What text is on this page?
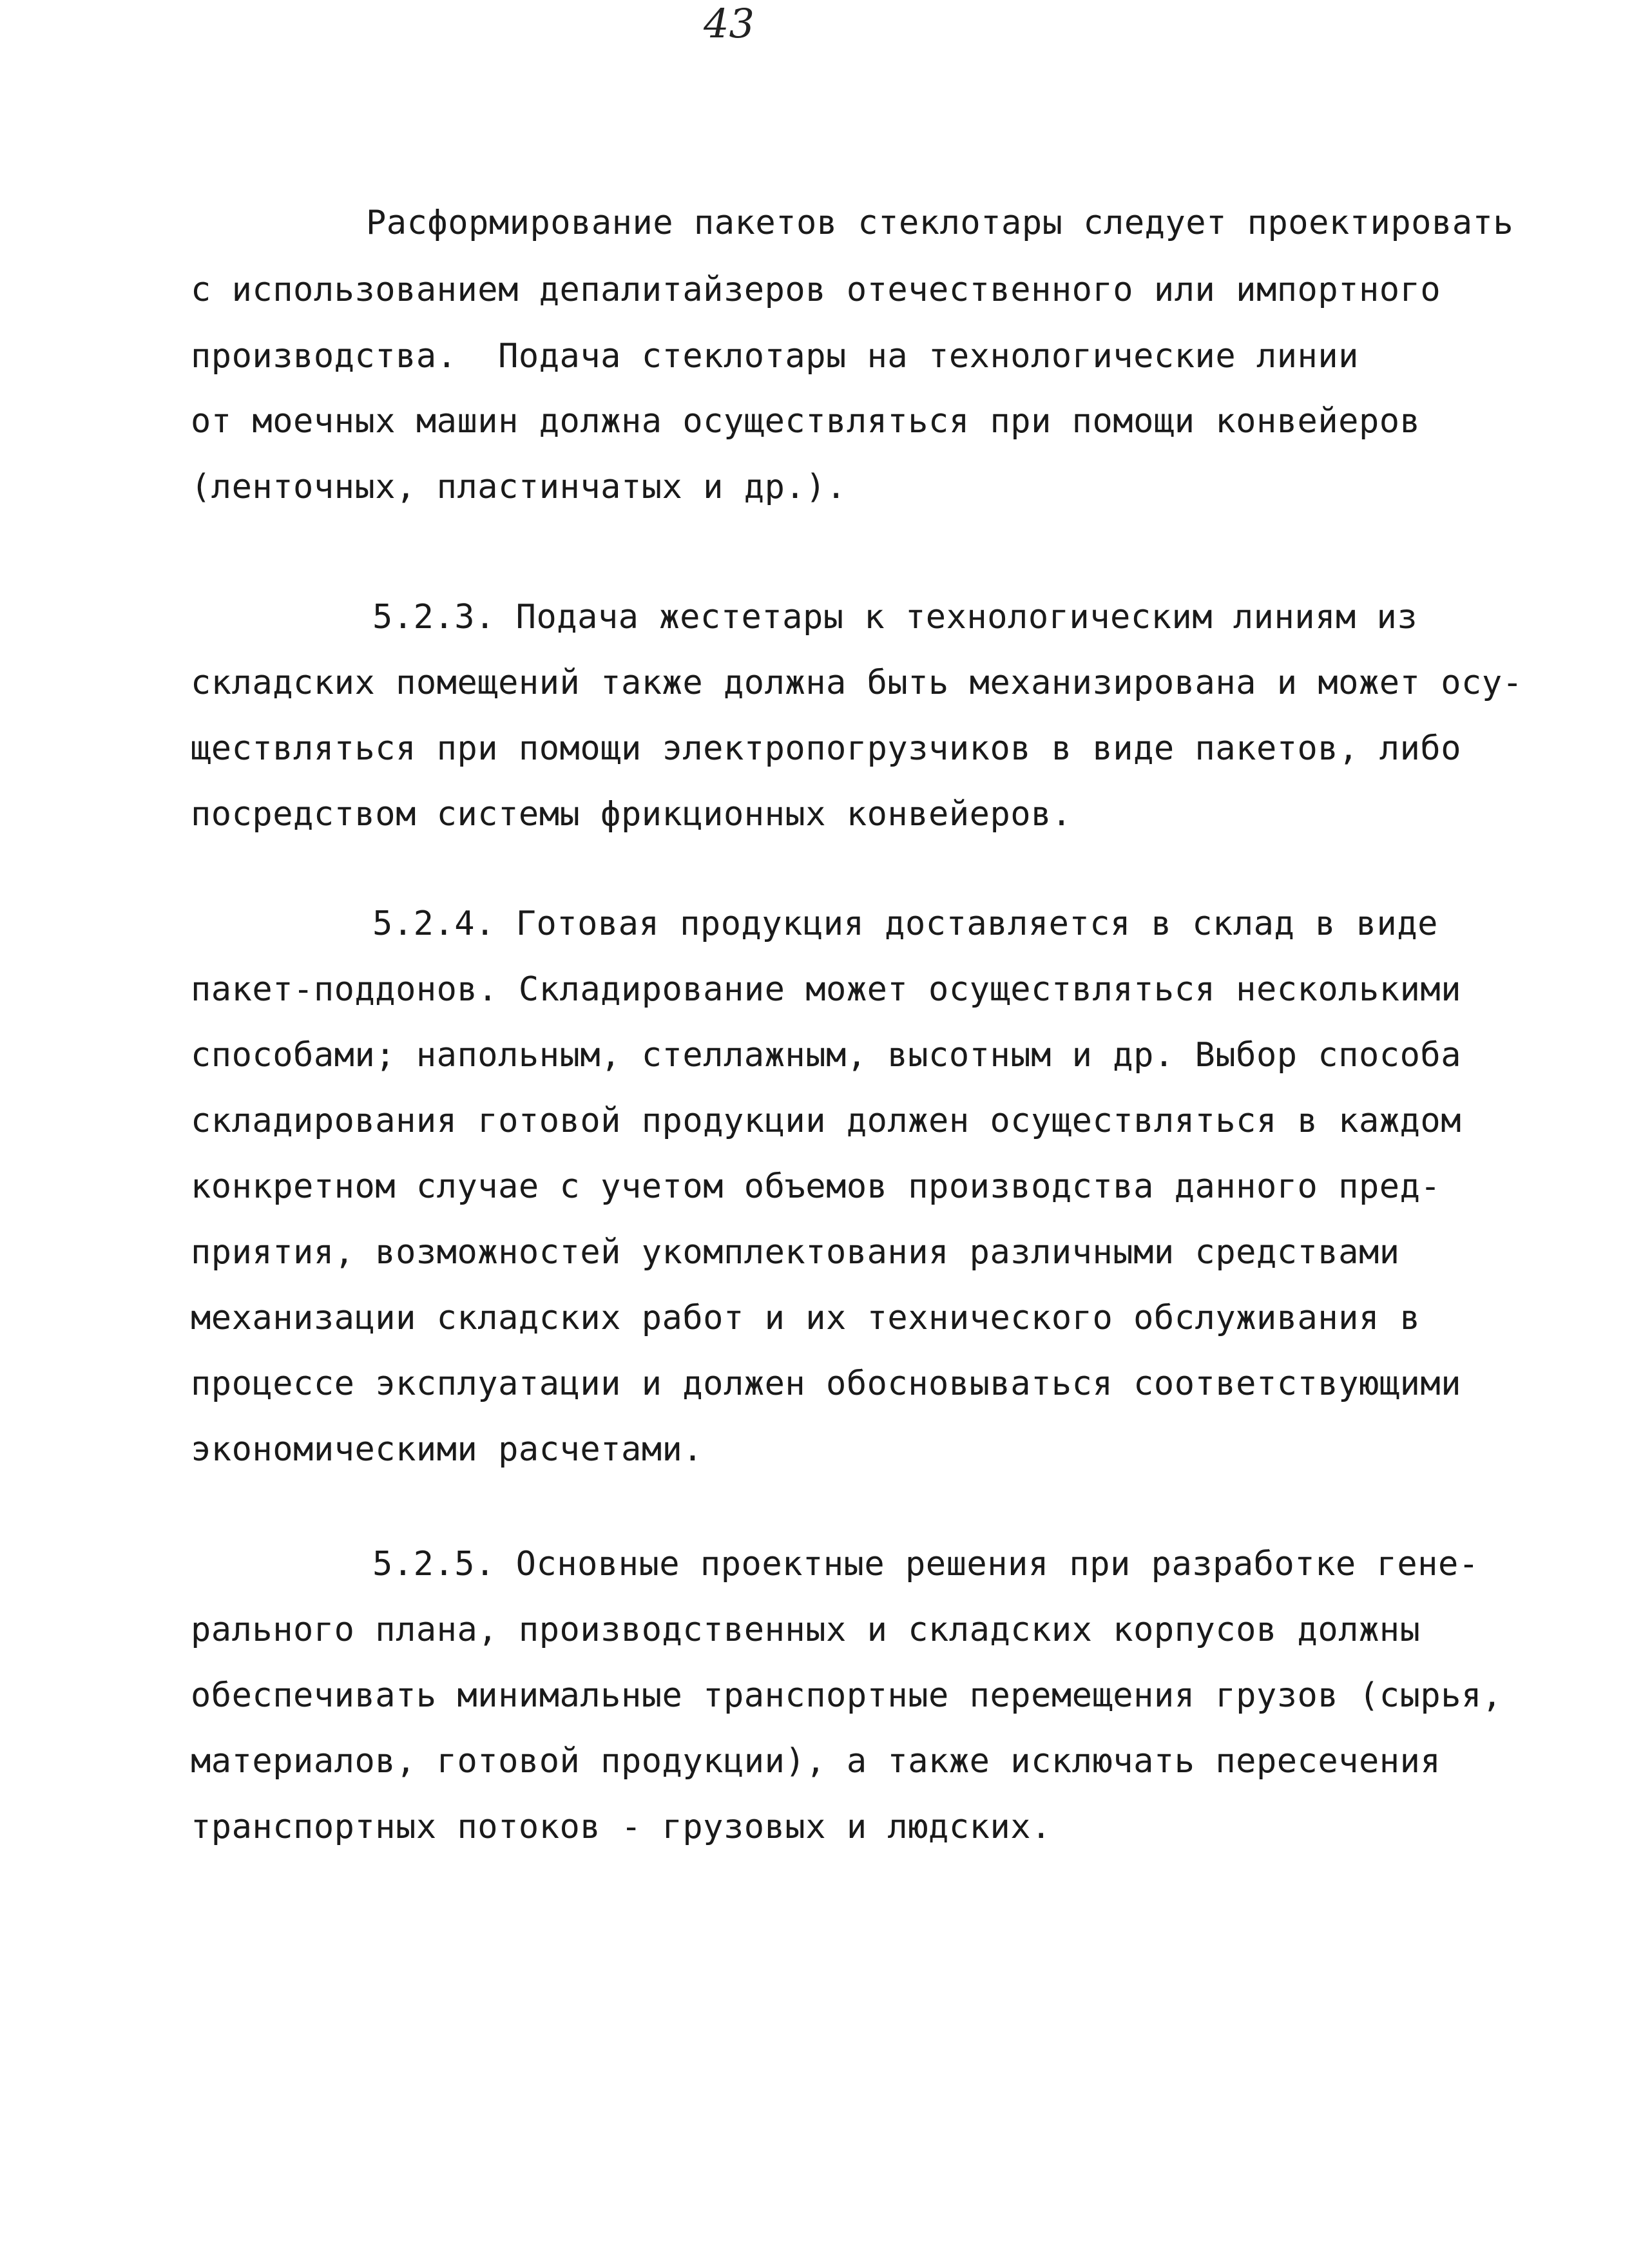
43
Расформирование пакетов стеклотары следует проектировать
с использованием депалитайзеров отечественного или импортного
производства.  Подача стеклотары на технологические линии
от моечных машин должна осуществляться при помощи конвейеров
(ленточных, пластинчатых и др.).
5.2.3. Подача жестетары к технологическим линиям из
складских помещений также должна быть механизирована и может осу-
ществляться при помощи электропогрузчиков в виде пакетов, либо
посредством системы фрикционных конвейеров.
5.2.4. Готовая продукция доставляется в склад в виде
пакет-поддонов. Складирование может осуществляться несколькими
способами; напольным, стеллажным, высотным и др. Выбор способа
складирования готовой продукции должен осуществляться в каждом
конкретном случае с учетом объемов производства данного пред-
приятия, возможностей укомплектования различными средствами
механизации складских работ и их технического обслуживания в
процессе эксплуатации и должен обосновываться соответствующими
экономическими расчетами.
5.2.5. Основные проектные решения при разработке гене-
рального плана, производственных и складских корпусов должны
обеспечивать минимальные транспортные перемещения грузов (сырья,
материалов, готовой продукции), а также исключать пересечения
транспортных потоков - грузовых и людских.
